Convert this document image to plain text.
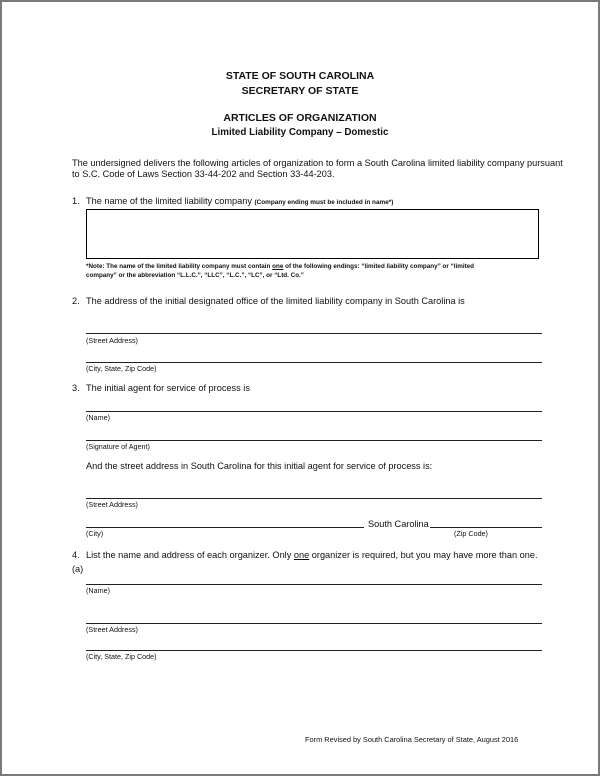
STATE OF SOUTH CAROLINA
SECRETARY OF STATE
ARTICLES OF ORGANIZATION
Limited Liability Company – Domestic
The undersigned delivers the following articles of organization to form a South Carolina limited liability company pursuant
to S.C. Code of Laws Section 33-44-202 and Section 33-44-203.
1. The name of the limited liability company (Company ending must be included in name*)
*Note: The name of the limited liability company must contain one of the following endings: “limited liability company” or “limited
company” or the abbreviation “L.L.C.”, “LLC”, “L.C.”, “LC”, or “Ltd. Co.”
2. The address of the initial designated office of the limited liability company in South Carolina is
(Street Address)
(City, State, Zip Code)
3. The initial agent for service of process is
(Name)
(Signature of Agent)
And the street address in South Carolina for this initial agent for service of process is:
(Street Address)
South Carolina
(City)	(Zip Code)
4. List the name and address of each organizer. Only one organizer is required, but you may have more than one.
(a)
(Name)
(Street Address)
(City, State, Zip Code)
Form Revised by South Carolina Secretary of State, August 2016
